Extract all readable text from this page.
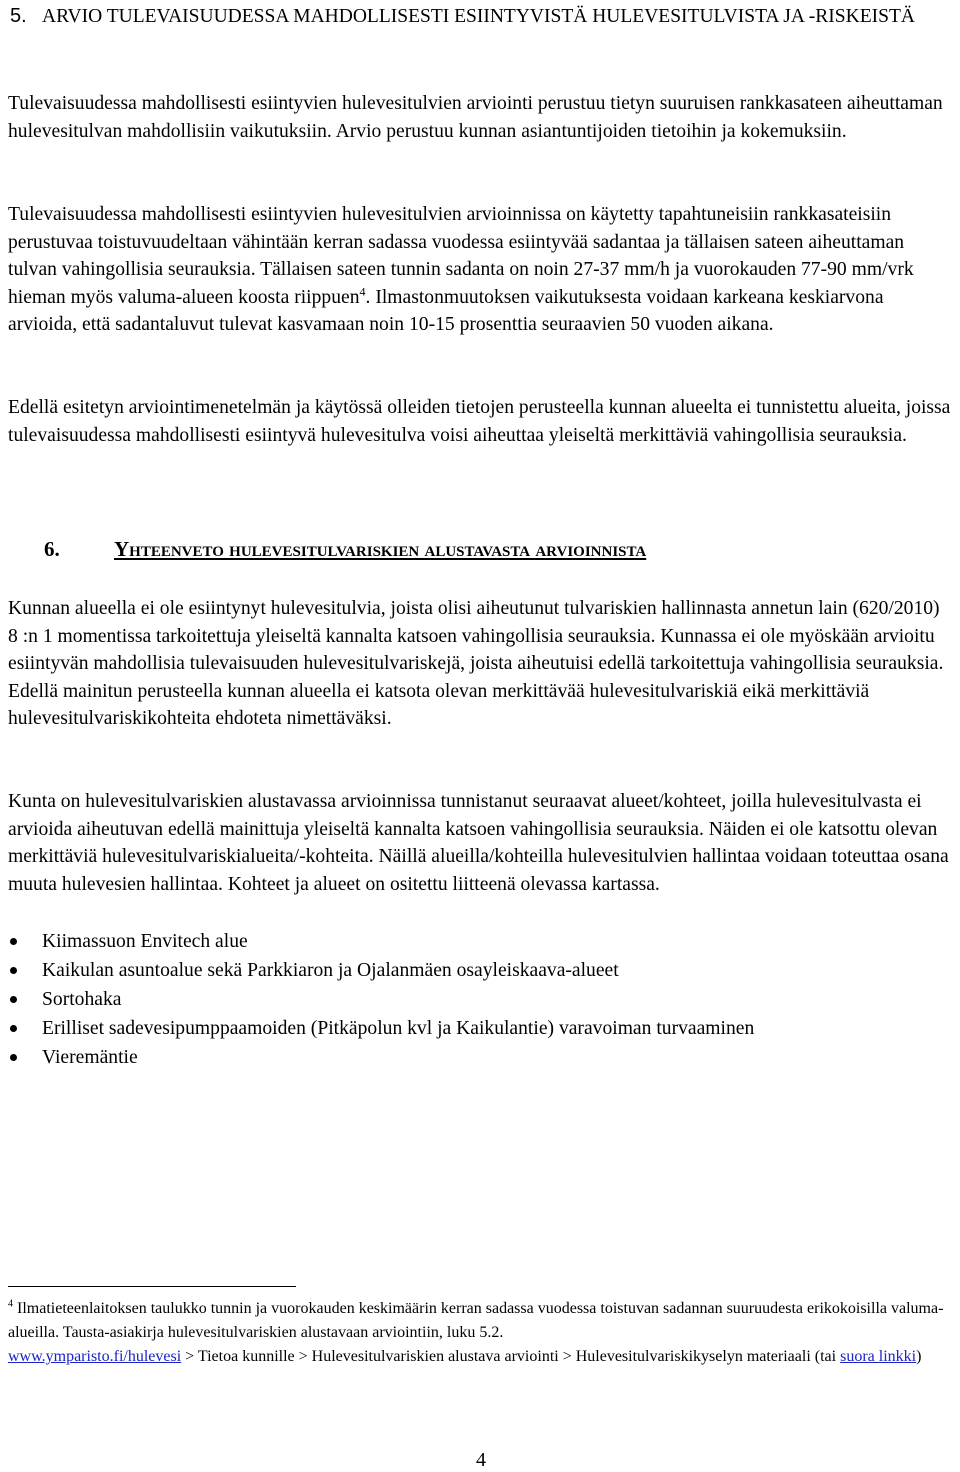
5. ARVIO TULEVAISUUDESSA MAHDOLLISESTI ESIINTYVISTÄ HULEVESITULVISTA JA -RISKEISTÄ

Tulevaisuudessa mahdollisesti esiintyvien hulevesitulvien arviointi perustuu tietyn suuruisen rankkasateen aiheuttaman hulevesitulvan mahdollisiin vaikutuksiin. Arvio perustuu kunnan asiantuntijoiden tietoihin ja kokemuksiin.

Tulevaisuudessa mahdollisesti esiintyvien hulevesitulvien arvioinnissa on käytetty tapahtuneisiin rankkasateisiin perustuvaa toistuvuudeltaan vähintään kerran sadassa vuodessa esiintyvää sadantaa ja tällaisen sateen aiheuttaman tulvan vahingollisia seurauksia. Tällaisen sateen tunnin sadanta on noin 27-37 mm/h ja vuorokauden 77-90 mm/vrk hieman myös valuma-alueen koosta riippuen$^4$. Ilmastonmuutoksen vaikutuksesta voidaan karkeana keskiarvona arvioida, että sadantaluvut tulevat kasvamaan noin 10-15 prosenttia seuraavien 50 vuoden aikana.

Edellä esitetyn arviointimenetelmän ja käytössä olleiden tietojen perusteella kunnan alueelta ei tunnistettu alueita, joissa tulevaisuudessa mahdollisesti esiintyvä hulevesitulva voisi aiheuttaa yleiseltä merkittäviä vahingollisia seurauksia.

6.	Yhteenveto hulevesitulvariskien alustavasta arvioinnista

Kunnan alueella ei ole esiintynyt hulevesitulvia, joista olisi aiheutunut tulvariskien hallinnasta annetun lain (620/2010) 8 :n 1 momentissa tarkoitettuja yleiseltä kannalta katsoen vahingollisia seurauksia. Kunnassa ei ole myöskään arvioitu esiintyvän mahdollisia tulevaisuuden hulevesitulvariskejä, joista aiheutuisi edellä tarkoitettuja vahingollisia seurauksia. Edellä mainitun perusteella kunnan alueella ei katsota olevan merkittävää hulevesitulvariskiä eikä merkittäviä hulevesitulvariskikohteita ehdoteta nimettäväksi.

Kunta on hulevesitulvariskien alustavassa arvioinnissa tunnistanut seuraavat alueet/kohteet, joilla hulevesitulvasta ei arvioida aiheutuvan edellä mainittuja yleiseltä kannalta katsoen vahingollisia seurauksia. Näiden ei ole katsottu olevan merkittäviä hulevesitulvariskialueita/-kohteita. Näillä alueilla/kohteilla hulevesitulvien hallintaa voidaan toteuttaa osana muuta hulevesien hallintaa. Kohteet ja alueet on ositettu liitteenä olevassa kartassa.

Kiimassuon Envitech alue
Kaikulan asuntoalue sekä Parkkiaron ja Ojalanmäen osayleiskaava-alueet
Sortohaka
Erilliset sadevesipumppaamoiden (Pitkäpolun kvl ja Kaikulantie) varavoiman turvaaminen
Vieremäntie
$^4$ Ilmatieteenlaitoksen taulukko tunnin ja vuorokauden keskimäärin kerran sadassa vuodessa toistuvan sadannan suuruudesta erikokoisilla valuma-alueilla. Tausta-asiakirja hulevesitulvariskien alustavaan arviointiin, luku 5.2.
www.ymparisto.fi/hulevesi > Tietoa kunnille > Hulevesitulvariskien alustava arviointi > Hulevesitulvariskikyselyn materiaali (tai suora linkki)
4
